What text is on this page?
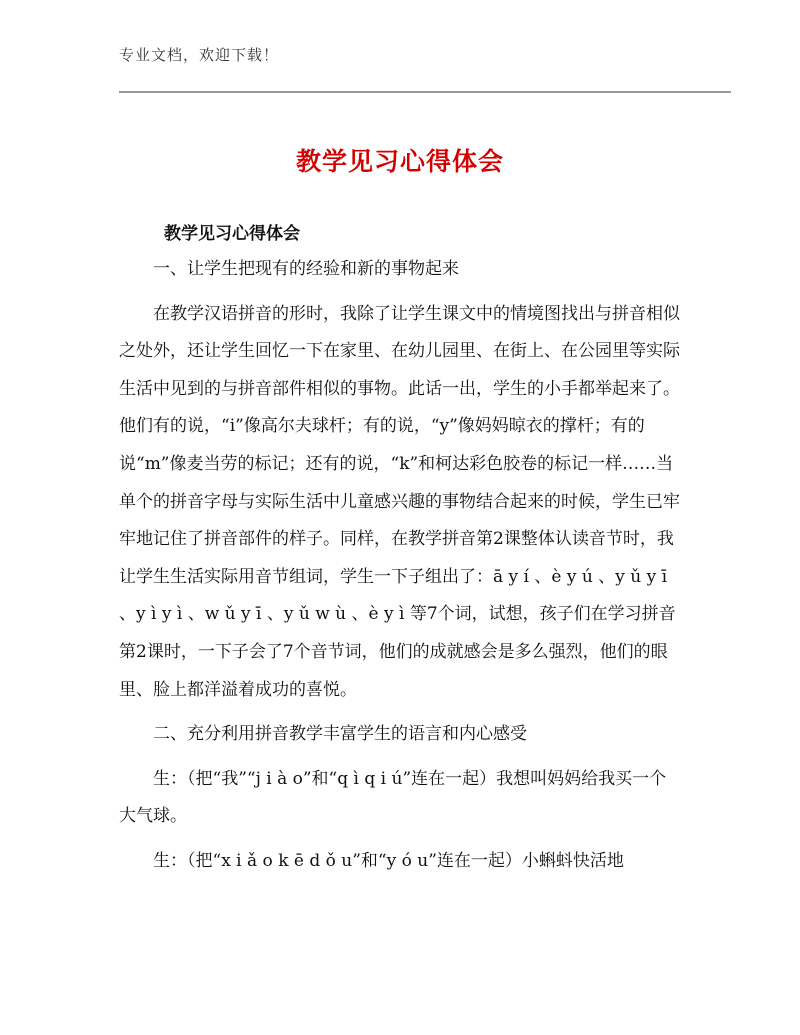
专业文档，欢迎下载！
教学见习心得体会
教学见习心得体会

一、让学生把现有的经验和新的事物起来

在教学汉语拼音的形时，我除了让学生课文中的情境图找出与拼音相似之处外，还让学生回忆一下在家里、在幼儿园里、在街上、在公园里等实际生活中见到的与拼音部件相似的事物。此话一出，学生的小手都举起来了。他们有的说，“i”像高尔夫球杆；有的说，“y”像妈妈晾衣的撑杆；有的说“m”像麦当劳的标记；还有的说，“k”和柯达彩色胶卷的标记一样……当单个的拼音字母与实际生活中儿童感兴趣的事物结合起来的时候，学生已牢牢地记住了拼音部件的样子。同样，在教学拼音第2课整体认读音节时，我让学生生活实际用音节组词，学生一下子组出了：ā y í 、è y ú 、y ǔ y ī 、y ì y ì 、w ǔ y ī 、y ǔ w ù 、è y ì 等7个词，试想，孩子们在学习拼音第2课时，一下子会了7个音节词，他们的成就感会是多么强烈，他们的眼里、脸上都洋溢着成功的喜悦。

二、充分利用拼音教学丰富学生的语言和内心感受

生：（把“我”“j i à o”和“q ì q i ú”连在一起）我想叫妈妈给我买一个大气球。

生：（把“x i ǎ o k ē d ǒ u”和“y ó u”连在一起）小蝌蚪快活地
